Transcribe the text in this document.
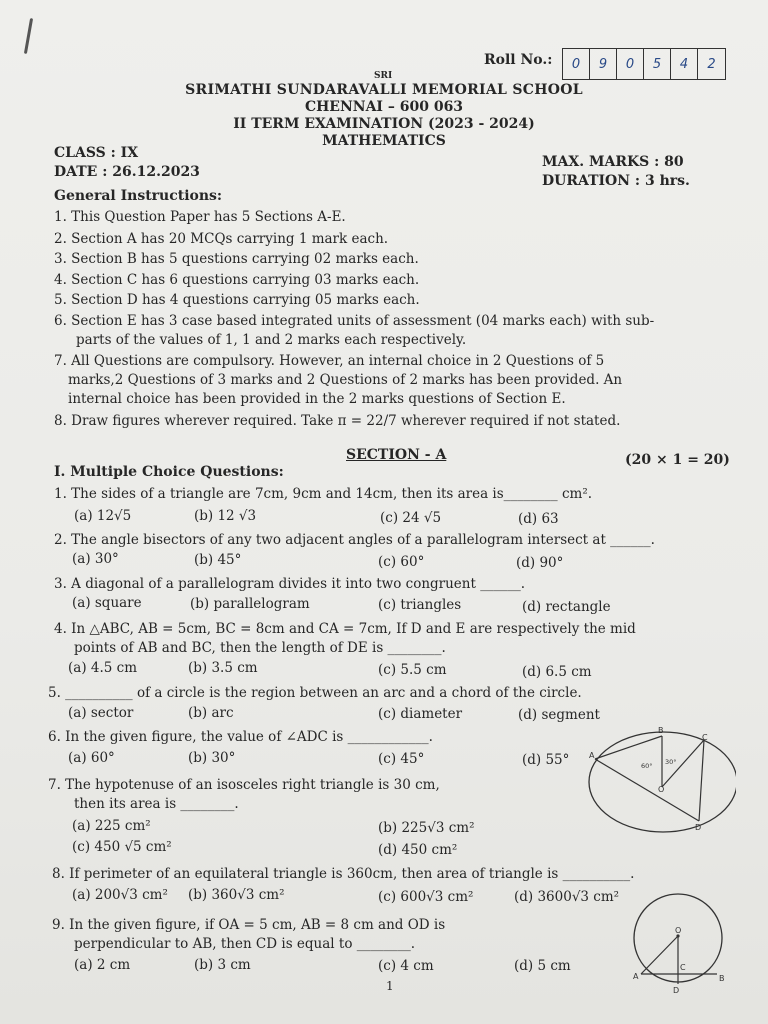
Roll No.:	0	9	0	5	4	2
SRI
SRIMATHI SUNDARAVALLI MEMORIAL SCHOOL
CHENNAI – 600 063
II TERM EXAMINATION (2023 - 2024)
MATHEMATICS
CLASS : IX
DATE : 26.12.2023
MAX. MARKS : 80
DURATION : 3 hrs.
General Instructions:
1. This Question Paper has 5 Sections A-E.
2. Section A has 20 MCQs carrying 1 mark each.
3. Section B has 5 questions carrying 02 marks each.
4. Section C has 6 questions carrying 03 marks each.
5. Section D has 4 questions carrying 05 marks each.
6. Section E has 3 case based integrated units of assessment (04 marks each) with sub-
parts of the values of 1, 1 and 2 marks each respectively.
7. All Questions are compulsory. However, an internal choice in 2 Questions of 5
marks,2 Questions of 3 marks and 2 Questions of 2 marks has been provided. An
internal choice has been provided in the 2 marks questions of Section E.
8. Draw figures wherever required. Take π = 22/7 wherever required if not stated.
SECTION - A	(20 × 1 = 20)
I. Multiple Choice Questions:
1. The sides of a triangle are 7cm, 9cm and 14cm, then its area is________ cm².
(a) 12√5	(b) 12 √3	(c) 24 √5	(d) 63
2. The angle bisectors of any two adjacent angles of a parallelogram intersect at ______.
(a) 30°	(b) 45°	(c) 60°	(d) 90°
3. A diagonal of a parallelogram divides it into two congruent ______.
(a) square	(b) parallelogram	(c) triangles	(d) rectangle
4. In △ABC, AB = 5cm, BC = 8cm and CA = 7cm, If D and E are respectively the mid
points of AB and BC, then the length of DE is ________.
(a) 4.5 cm	(b) 3.5 cm	(c) 5.5 cm	(d) 6.5 cm
5. __________ of a circle is the region between an arc and a chord of the circle.
(a) sector	(b) arc	(c) diameter	(d) segment
6. In the given figure, the value of ∠ADC is ____________.
(a) 60°	(b) 30°	(c) 45°	(d) 55° A
B
C
D
O
60° 30°
7. The hypotenuse of an isosceles right triangle is 30 cm,
then its area is ________.
(a) 225 cm²	(b) 225√3 cm²
(c) 450 √5 cm²	(d) 450 cm²
8. If perimeter of an equilateral triangle is 360cm, then area of triangle is __________.
(a) 200√3 cm² (b) 360√3 cm²	(c) 600√3 cm²	(d) 3600√3 cm²
9. In the given figure, if OA = 5 cm, AB = 8 cm and OD is
perpendicular to AB, then CD is equal to ________.
(a) 2 cm	(b) 3 cm	(c) 4 cm	(d) 5 cm
O
A	B
C
D
1
